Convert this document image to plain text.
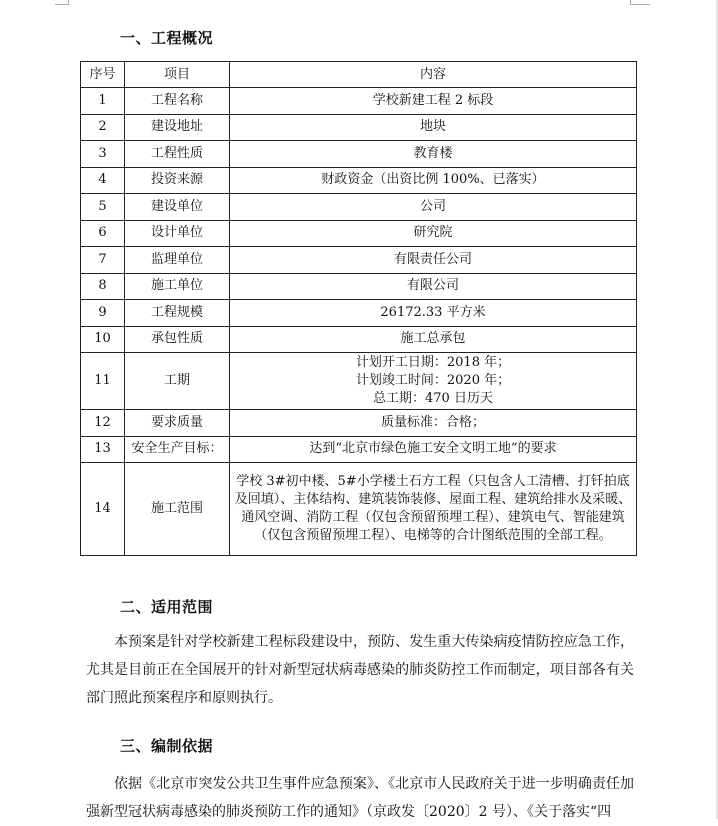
一、工程概况
序号	项目	内容
1	工程名称	学校新建工程 2 标段
2	建设地址	地块
3	工程性质	教育楼
4	投资来源	财政资金（出资比例 100%、已落实）
5	建设单位	公司
6	设计单位	研究院
7	监理单位	有限责任公司
8	施工单位	有限公司
9	工程规模	26172.33 平方米
10	承包性质	施工总承包
11	工期	计划开工日期：2018 年；
计划竣工时间：2020 年；
总工期：470 日历天

12	要求质量	质量标准：合格；
13	安全生产目标：	达到“北京市绿色施工安全文明工地”的要求
14	施工范围	学校 3#初中楼、5#小学楼土石方工程（只包含人工清槽、打钎拍底及回填）、主体结构、建筑装饰装修、屋面工程、建筑给排水及采暖、通风空调、消防工程（仅包含预留预埋工程）、建筑电气、智能建筑（仅包含预留预埋工程）、电梯等的合计图纸范围的全部工程。
二、适用范围

本预案是针对学校新建工程标段建设中，预防、发生重大传染病疫情防控应急工作，尤其是目前正在全国展开的针对新型冠状病毒感染的肺炎防控工作而制定，项目部各有关部门照此预案程序和原则执行。

三、编制依据

依据《北京市突发公共卫生事件应急预案》、《北京市人民政府关于进一步明确责任加强新型冠状病毒感染的肺炎预防工作的通知》（京政发〔2020〕2 号）、《关于落实“四
